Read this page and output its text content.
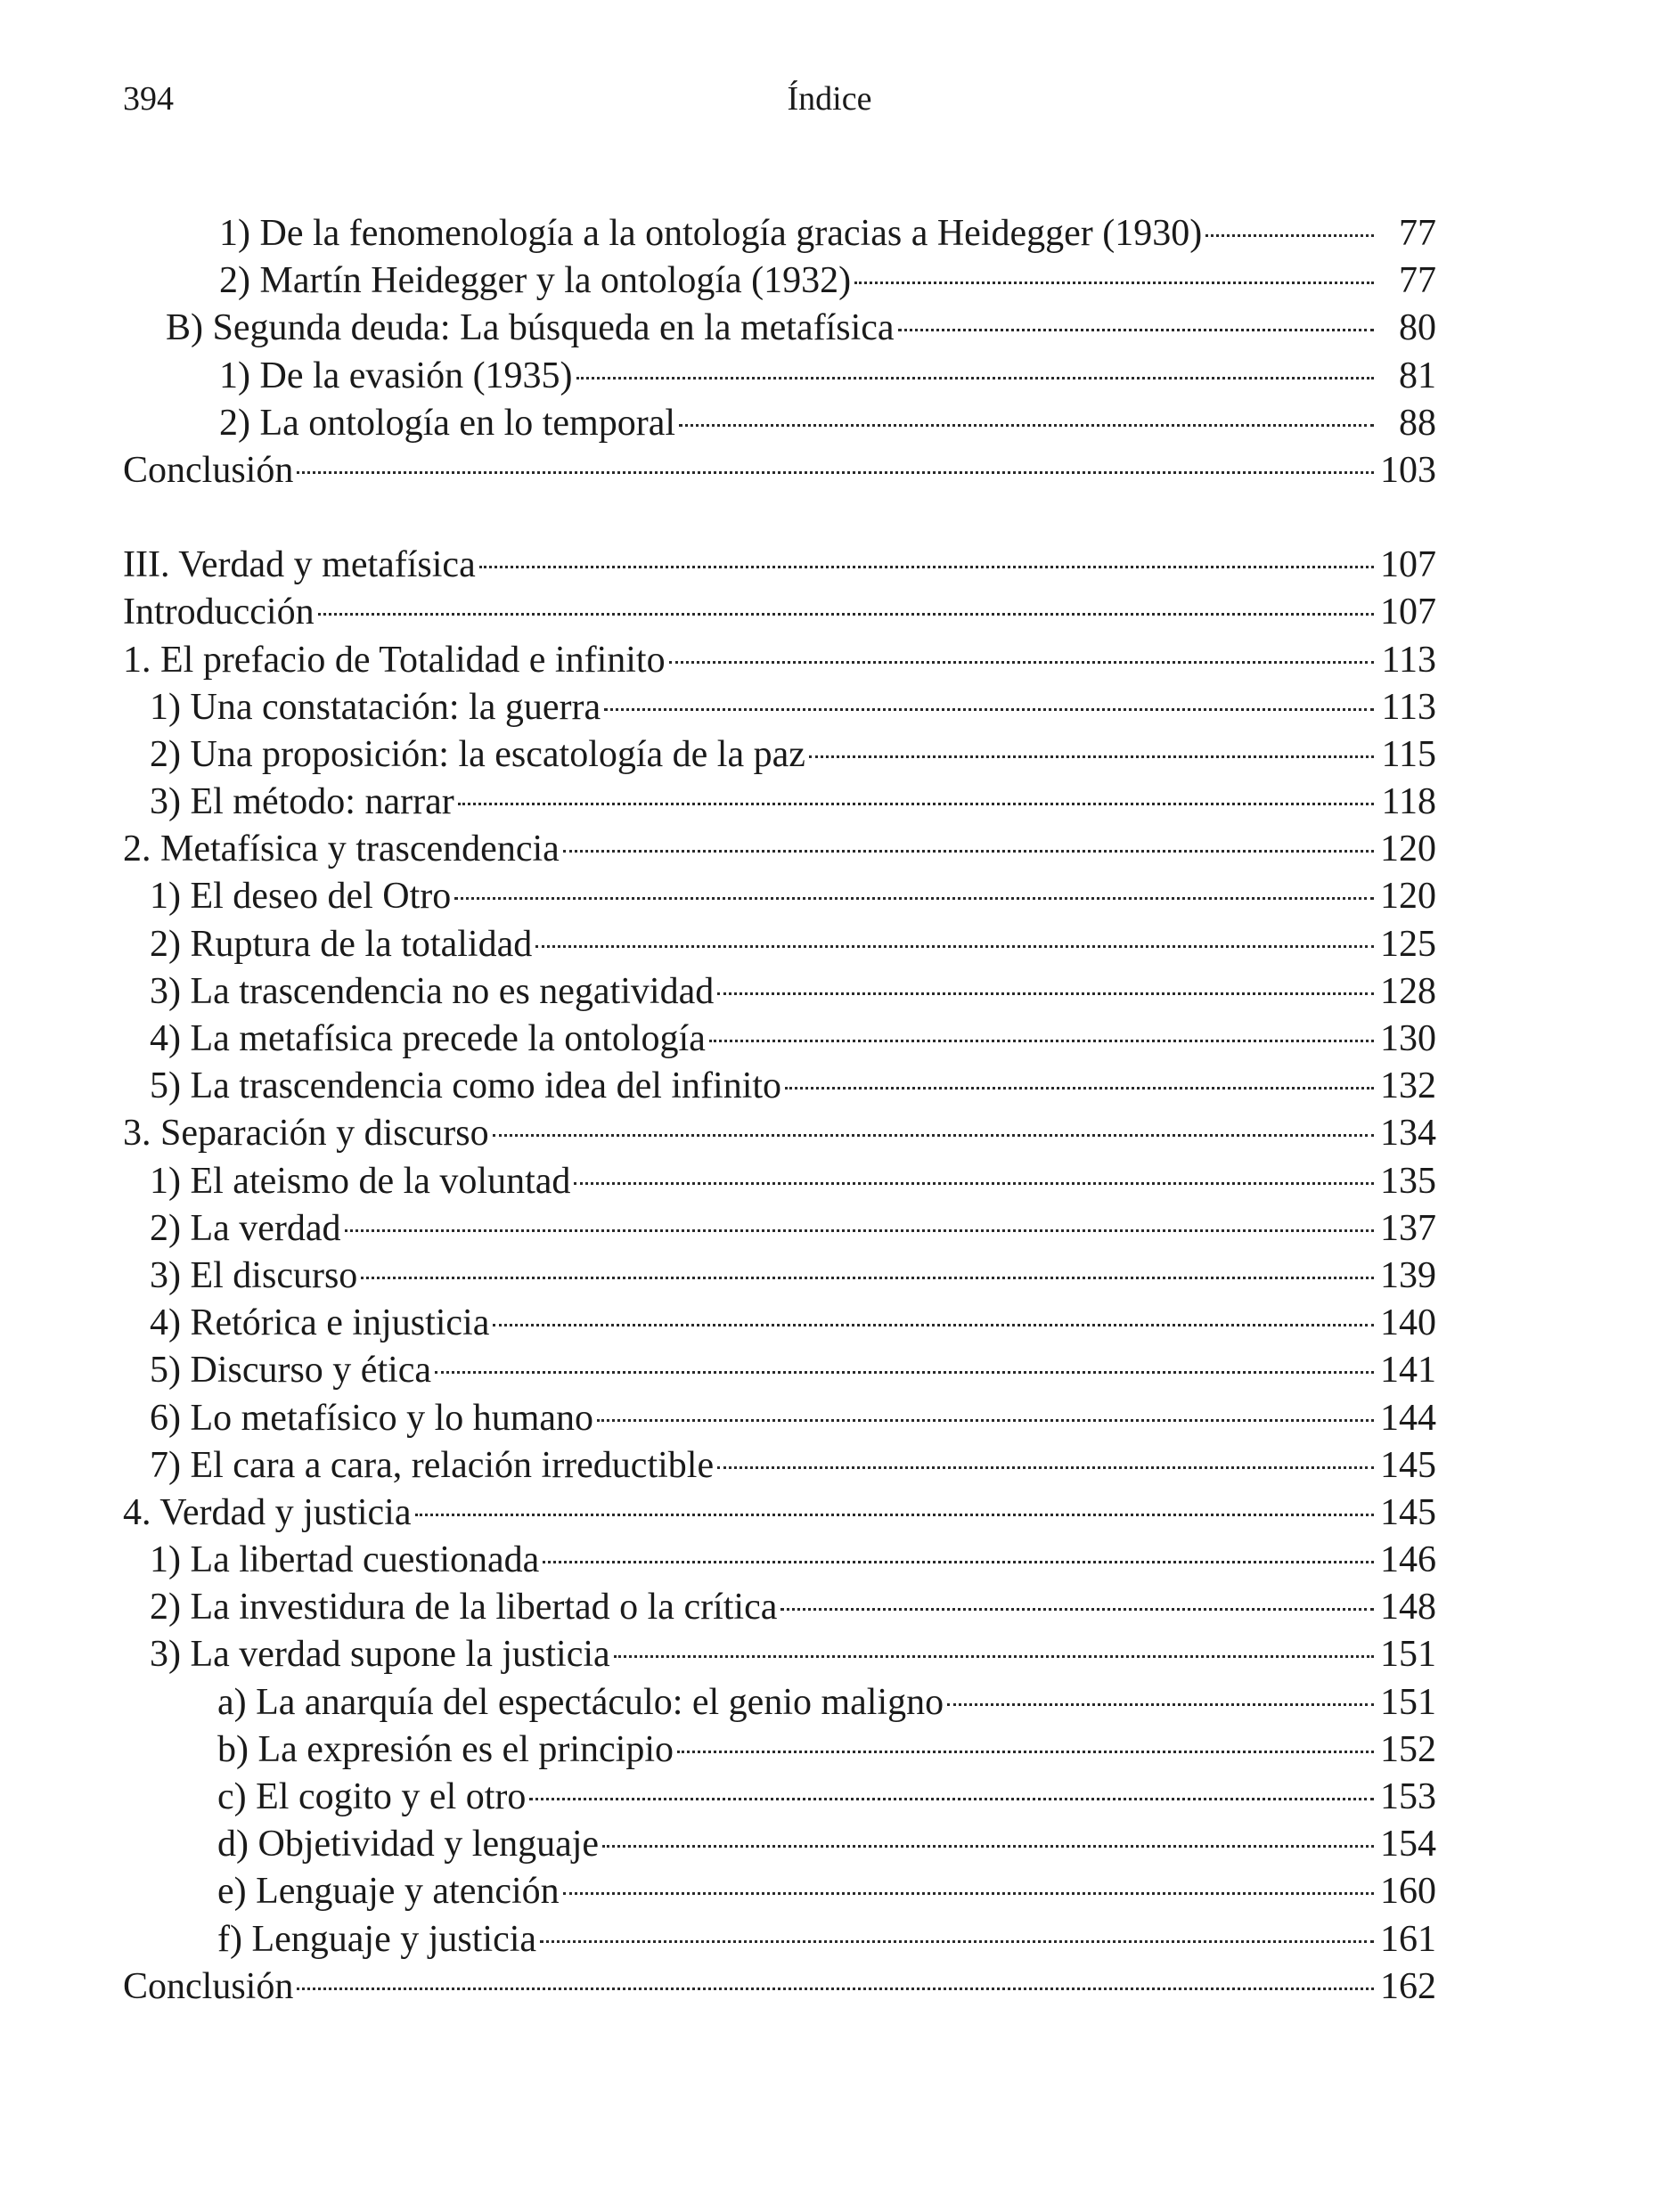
394	Índice
1) De la fenomenología a la ontología gracias a Heidegger (1930)	77
2) Martín Heidegger y la ontología (1932)	77
B) Segunda deuda: La búsqueda en la metafísica	80
1) De la evasión (1935)	81
2) La ontología en lo temporal	88
Conclusión	103
III. Verdad y metafísica	107
Introducción	107
1. El prefacio de Totalidad e infinito	113
1) Una constatación: la guerra	113
2) Una proposición: la escatología de la paz	115
3) El método: narrar	118
2. Metafísica y trascendencia	120
1) El deseo del Otro	120
2) Ruptura de la totalidad	125
3) La trascendencia no es negatividad	128
4) La metafísica precede la ontología	130
5) La trascendencia como idea del infinito	132
3. Separación y discurso	134
1) El ateismo de la voluntad	135
2) La verdad	137
3) El discurso	139
4) Retórica e injusticia	140
5) Discurso y ética	141
6) Lo metafísico y lo humano	144
7) El cara a cara, relación irreductible	145
4. Verdad y justicia	145
1) La libertad cuestionada	146
2) La investidura de la libertad o la crítica	148
3) La verdad supone la justicia	151
a) La anarquía del espectáculo: el genio maligno	151
b) La expresión es el principio	152
c) El cogito y el otro	153
d) Objetividad y lenguaje	154
e) Lenguaje y atención	160
f) Lenguaje y justicia	161
Conclusión	162
